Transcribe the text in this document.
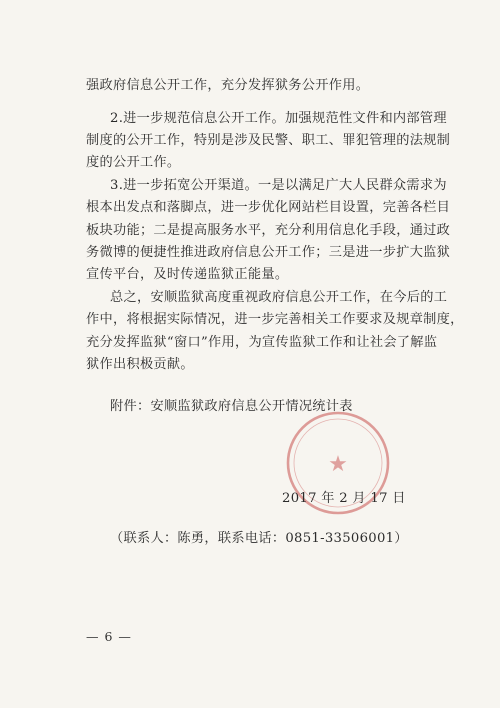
强政府信息公开工作，充分发挥狱务公开作用。
2.进一步规范信息公开工作。加强规范性文件和内部管理
制度的公开工作，特别是涉及民警、职工、罪犯管理的法规制
度的公开工作。
3.进一步拓宽公开渠道。一是以满足广大人民群众需求为
根本出发点和落脚点，进一步优化网站栏目设置，完善各栏目
板块功能；二是提高服务水平，充分利用信息化手段，通过政
务微博的便捷性推进政府信息公开工作；三是进一步扩大监狱
宣传平台，及时传递监狱正能量。
总之，安顺监狱高度重视政府信息公开工作，在今后的工
作中，将根据实际情况，进一步完善相关工作要求及规章制度，
充分发挥监狱“窗口”作用，为宣传监狱工作和让社会了解监
狱作出积极贡献。
附件：安顺监狱政府信息公开情况统计表
★
2017 年 2 月 17 日
（联系人：陈勇，联系电话：0851-33506001）
— 6 —
